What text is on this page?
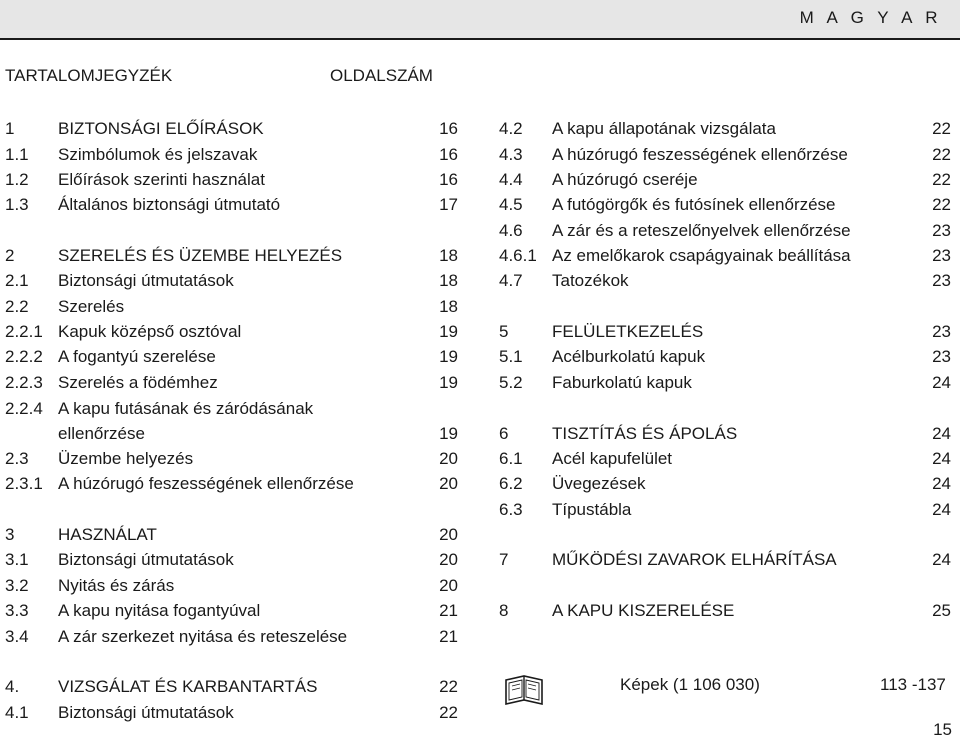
M A G Y A R
TARTALOMJEGYZÉK	OLDALSZÁM
1	BIZTONSÁGI ELŐÍRÁSOK	16
1.1 Szimbólumok és jelszavak	16
1.2 Előírások szerinti használat	16
1.3 Általános biztonsági útmutató	17
2	SZERELÉS ÉS ÜZEMBE HELYEZÉS	18
2.1 Biztonsági útmutatások	18
2.2 Szerelés	18
2.2.1 Kapuk középső osztóval	19
2.2.2 A fogantyú szerelése	19
2.2.3 Szerelés a födémhez	19
2.2.4 A kapu futásának és záródásának
ellenőrzése	19
2.3 Üzembe helyezés	20
2.3.1 A húzórugó feszességének ellenőrzése	20
3	HASZNÁLAT	20
3.1 Biztonsági útmutatások	20
3.2 Nyitás és zárás	20
3.3 A kapu nyitása fogantyúval	21
3.4 A zár szerkezet nyitása és reteszelése	21
4. VIZSGÁLAT ÉS KARBANTARTÁS	22
4.1 Biztonsági útmutatások	22
4.2 A kapu állapotának vizsgálata	22
4.3 A húzórugó feszességének ellenőrzése	22
4.4 A húzórugó cseréje	22
4.5 A futógörgők és futósínek ellenőrzése	22
4.6 A zár és a reteszelőnyelvek ellenőrzése	23
4.6.1 Az emelőkarok csapágyainak beállítása	23
4.7 Tatozékok	23
5	FELÜLETKEZELÉS	23
5.1 Acélburkolatú kapuk	23
5.2 Faburkolatú kapuk	24
6	TISZTÍTÁS ÉS ÁPOLÁS	24
6.1 Acél kapufelület	24
6.2 Üvegezések	24
6.3 Típustábla	24
7	MŰKÖDÉSI ZAVAROK ELHÁRÍTÁSA	24
8	A KAPU KISZERELÉSE	25
Képek (1 106 030)	113 -137
15
